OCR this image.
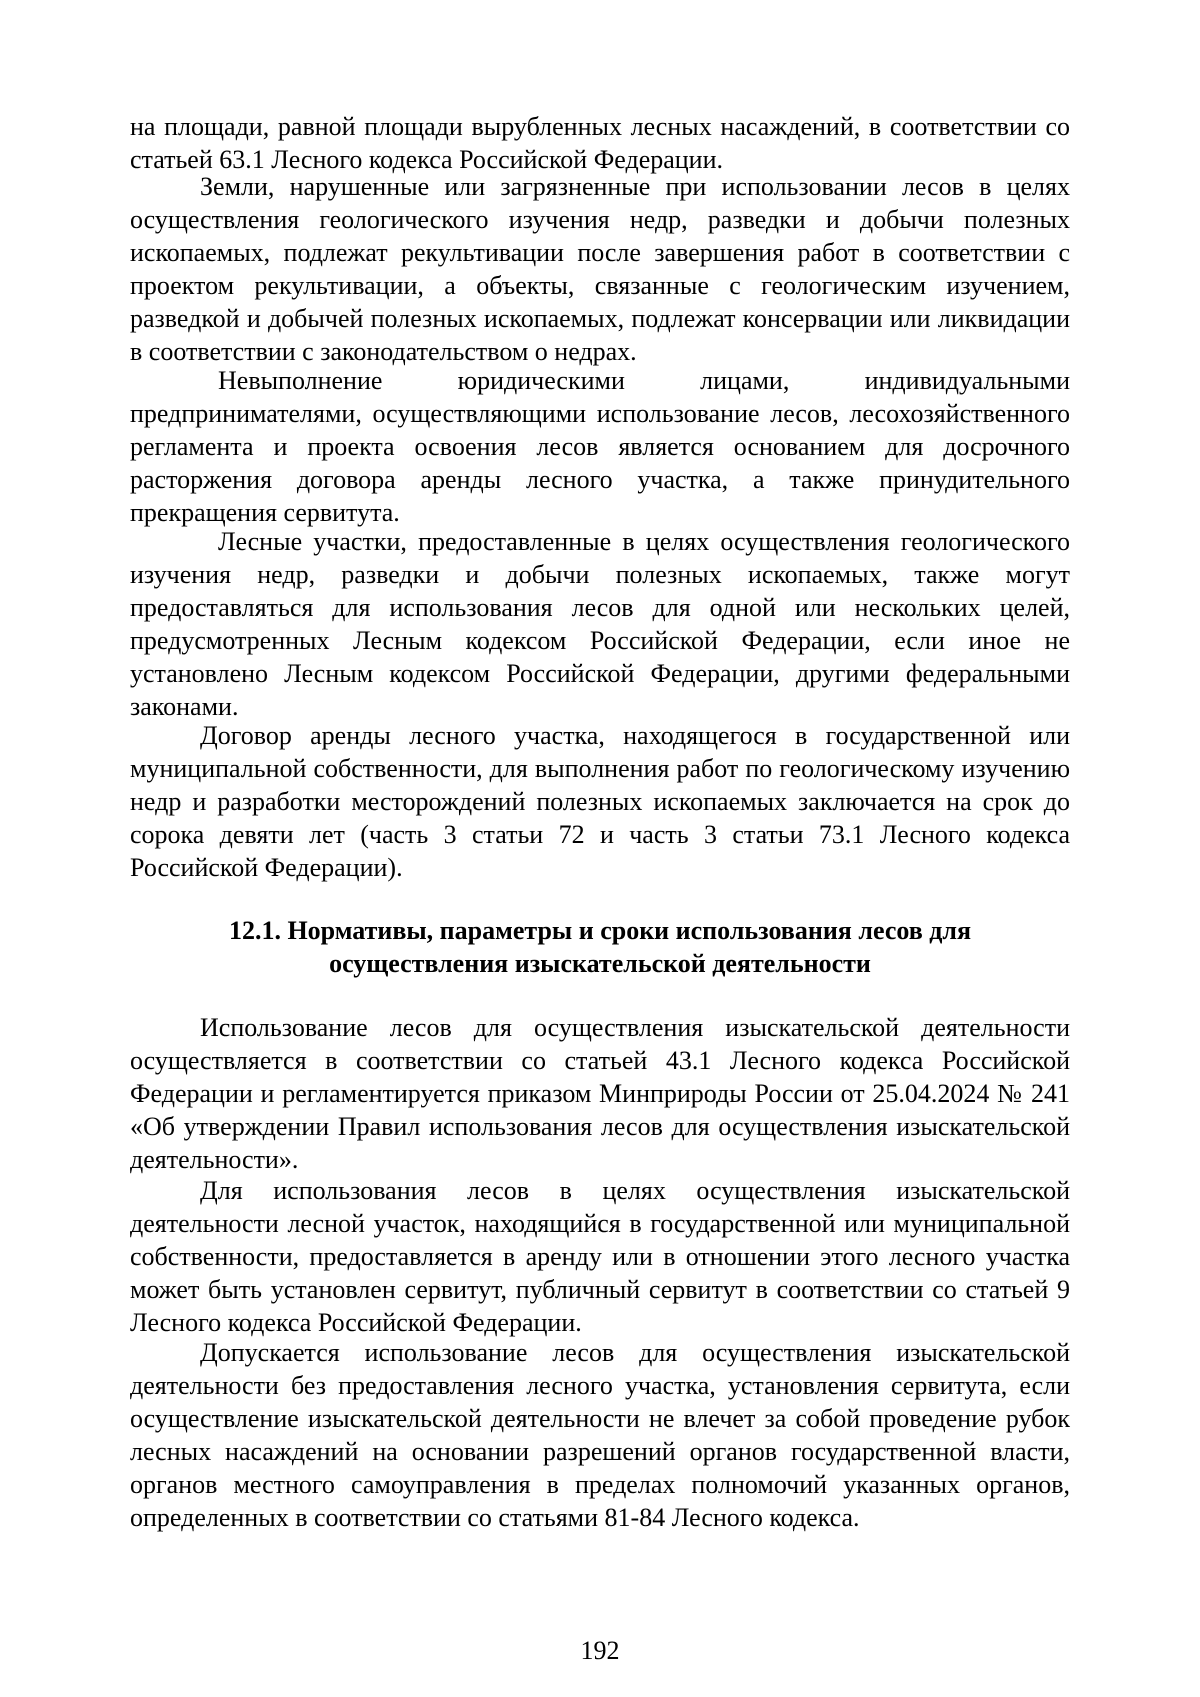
на площади, равной площади вырубленных лесных насаждений, в соответствии со статьей 63.1 Лесного кодекса Российской Федерации.

Земли, нарушенные или загрязненные при использовании лесов в целях осуществления геологического изучения недр, разведки и добычи полезных ископаемых, подлежат рекультивации после завершения работ в соответствии с проектом рекультивации, а объекты, связанные с геологическим изучением, разведкой и добычей полезных ископаемых, подлежат консервации или ликвидации в соответствии с законодательством о недрах.

Невыполнение юридическими лицами, индивидуальными предпринимателями, осуществляющими использование лесов, лесохозяйственного регламента и проекта освоения лесов является основанием для досрочного расторжения договора аренды лесного участка, а также принудительного прекращения сервитута.

Лесные участки, предоставленные в целях осуществления геологического изучения недр, разведки и добычи полезных ископаемых, также могут предоставляться для использования лесов для одной или нескольких целей, предусмотренных Лесным кодексом Российской Федерации, если иное не установлено Лесным кодексом Российской Федерации, другими федеральными законами.

Договор аренды лесного участка, находящегося в государственной или муниципальной собственности, для выполнения работ по геологическому изучению недр и разработки месторождений полезных ископаемых заключается на срок до сорока девяти лет (часть 3 статьи 72 и часть 3 статьи 73.1 Лесного кодекса Российской Федерации).

12.1. Нормативы, параметры и сроки использования лесов для
осуществления изыскательской деятельности

Использование лесов для осуществления изыскательской деятельности осуществляется в соответствии со статьей 43.1 Лесного кодекса Российской Федерации и регламентируется приказом Минприроды России от 25.04.2024 № 241 «Об утверждении Правил использования лесов для осуществления изыскательской деятельности».

Для использования лесов в целях осуществления изыскательской деятельности лесной участок, находящийся в государственной или муниципальной собственности, предоставляется в аренду или в отношении этого лесного участка может быть установлен сервитут, публичный сервитут в соответствии со статьей 9 Лесного кодекса Российской Федерации.

Допускается использование лесов для осуществления изыскательской деятельности без предоставления лесного участка, установления сервитута, если осуществление изыскательской деятельности не влечет за собой проведение рубок лесных насаждений на основании разрешений органов государственной власти, органов местного самоуправления в пределах полномочий указанных органов, определенных в соответствии со статьями 81-84 Лесного кодекса.

192
